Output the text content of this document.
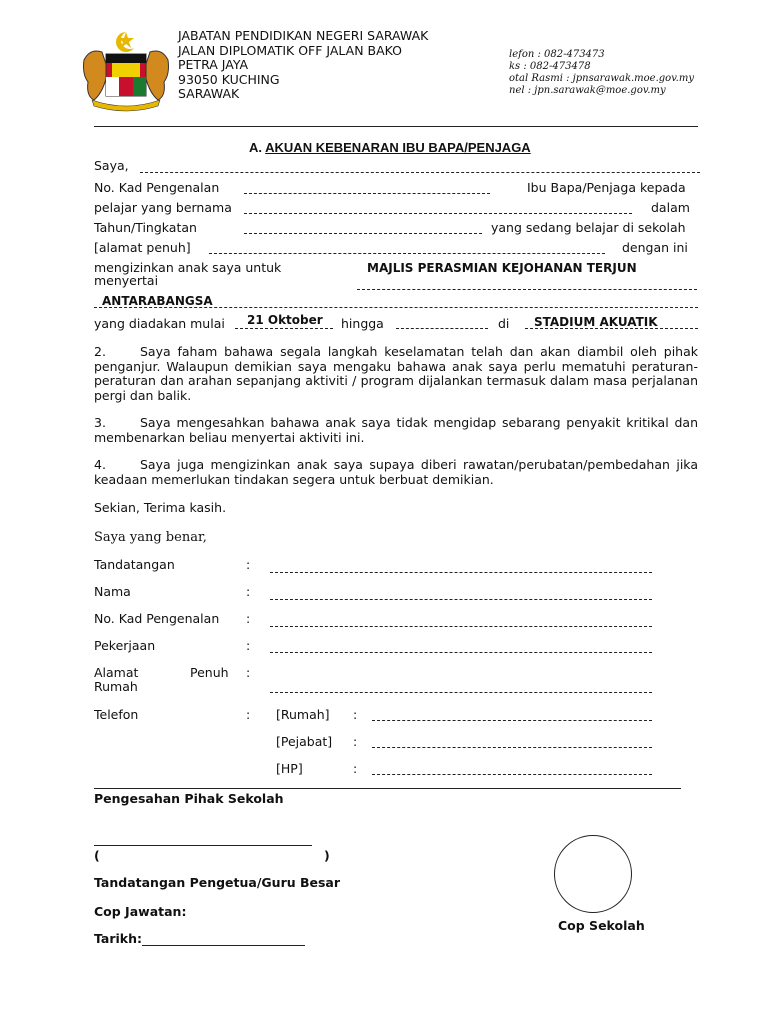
JABATAN PENDIDIKAN NEGERI SARAWAK
JALAN DIPLOMATIK OFF JALAN BAKO
PETRA JAYA
93050 KUCHING
SARAWAK
lefon : 082-473473
ks : 082-473478
otal Rasmi : jpnsarawak.moe.gov.my
nel : jpn.sarawak@moe.gov.my
A. AKUAN KEBENARAN IBU BAPA/PENJAGA
Saya,
No. Kad Pengenalan	Ibu Bapa/Penjaga kepada
pelajar yang bernama	dalam
Tahun/Tingkatan	yang sedang belajar di sekolah
[alamat penuh]	dengan ini
mengizinkan anak saya untuk	MAJLIS PERASMIAN KEJOHANAN TERJUN
menyertai
ANTARABANGSA
yang diadakan mulai 21 Oktober hingga	di STADIUM AKUATIK
2.	Saya faham bahawa segala langkah keselamatan telah dan akan diambil oleh pihak penganjur. Walaupun demikian saya mengaku bahawa anak saya perlu mematuhi peraturan-peraturan dan arahan sepanjang aktiviti / program dijalankan termasuk dalam masa perjalanan pergi dan balik.
3.	Saya mengesahkan bahawa anak saya tidak mengidap sebarang penyakit kritikal dan membenarkan beliau menyertai aktiviti ini.
4.	Saya juga mengizinkan anak saya supaya diberi rawatan/perubatan/pembedahan jika keadaan memerlukan tindakan segera untuk berbuat demikian.
Sekian, Terima kasih.
Saya yang benar,
Tandatangan	:
Nama	:
No. Kad Pengenalan :
Pekerjaan	:
Alamat	Penuh :
Rumah
Telefon	: [Rumah] :
[Pejabat] :
[HP]	:
Pengesahan Pihak Sekolah
(	)
Tandatangan Pengetua/Guru Besar
Cop Jawatan:
Tarikh:
Cop Sekolah
